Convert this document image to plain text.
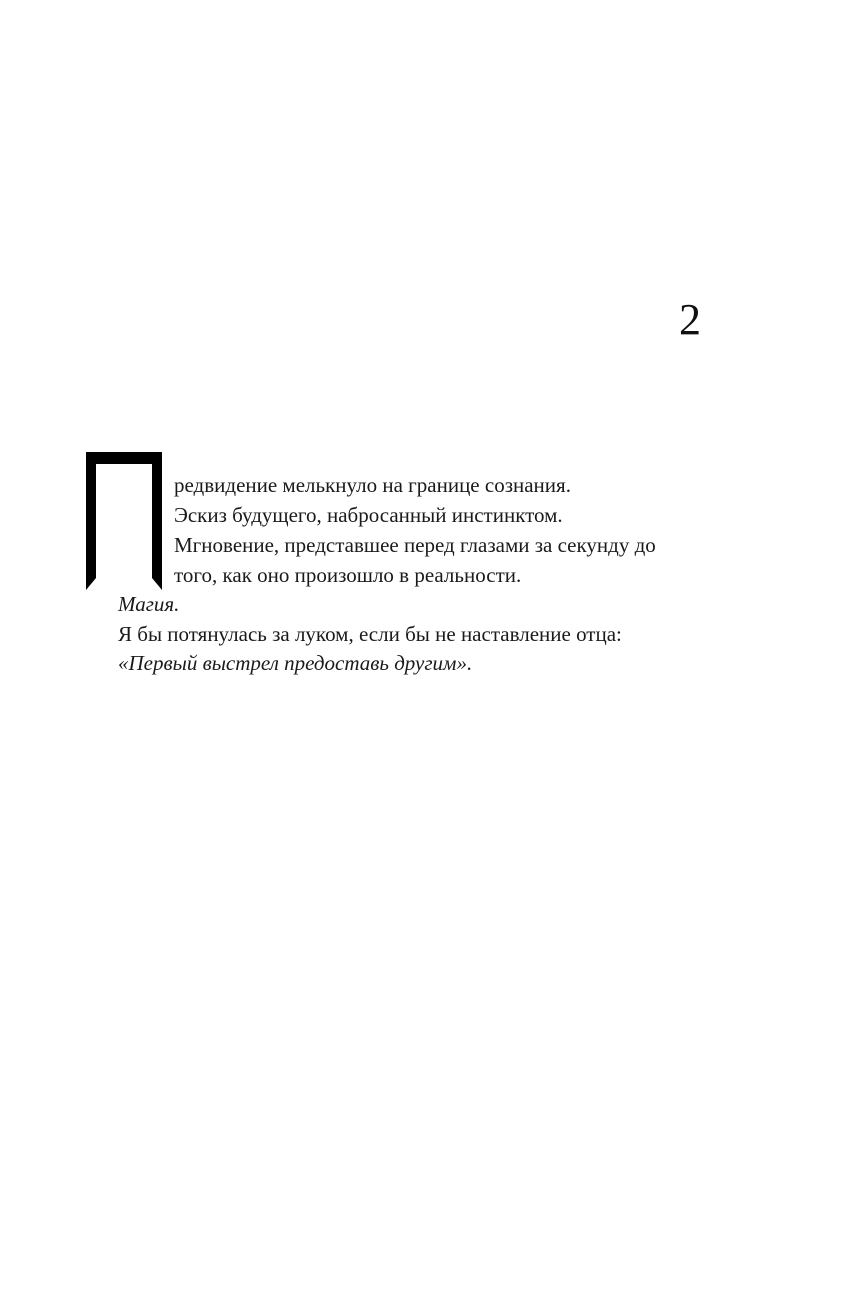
2
редвидение мелькнуло на границе сознания.
Эскиз будущего, набросанный инстинктом.
Мгновение, представшее перед глазами за секунду до
того, как оно произошло в реальности.
Магия.
Я бы потянулась за луком, если бы не наставление отца:
«Первый выстрел предоставь другим».
